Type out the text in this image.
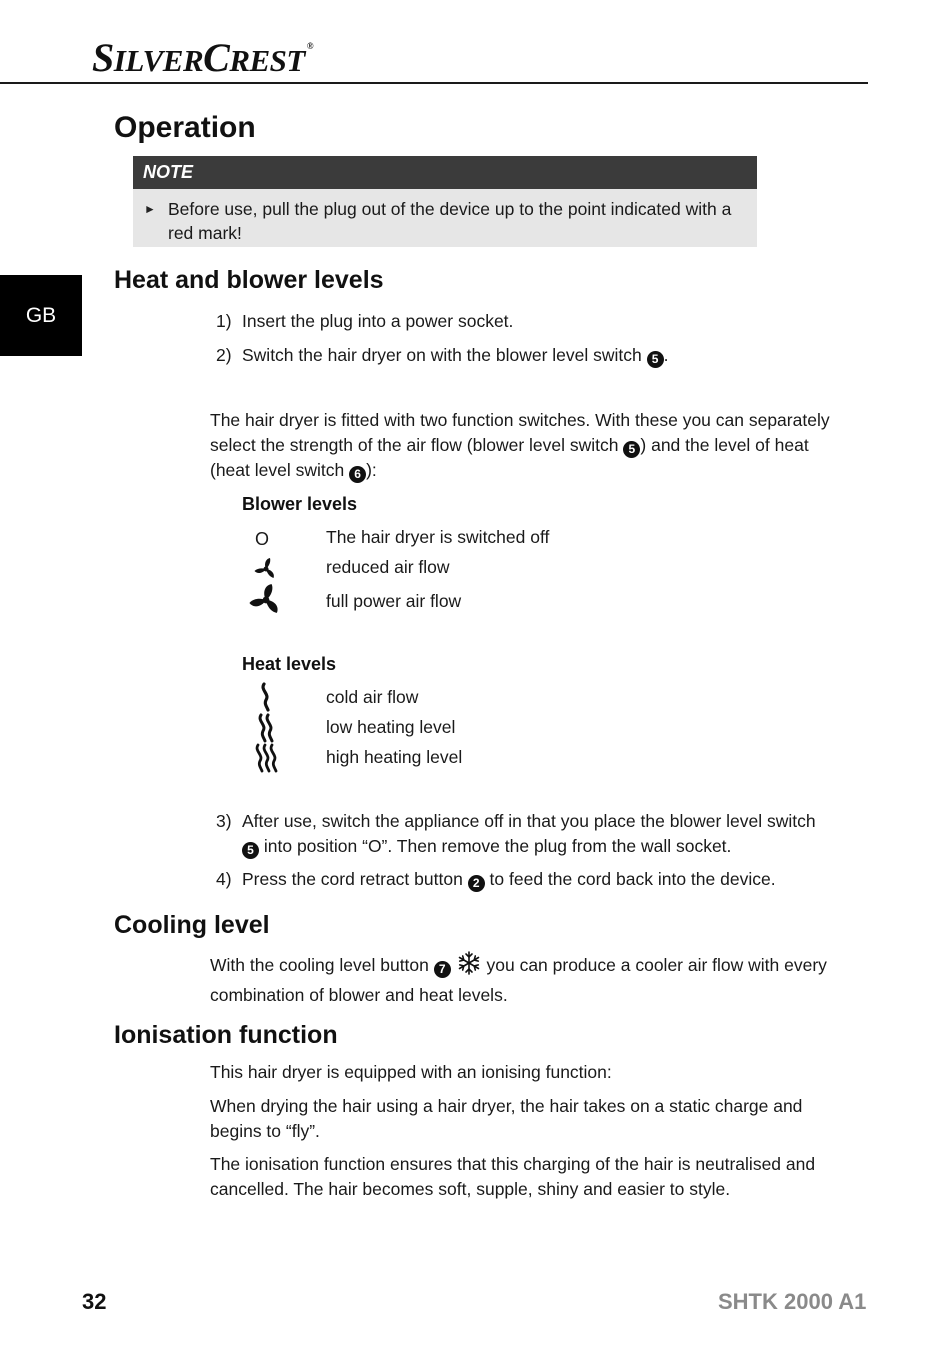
SILVERCREST ®
GB
Operation
NOTE
► Before use, pull the plug out of the device up to the point indicated with a red mark!
Heat and blower levels
1) Insert the plug into a power socket.
2) Switch the hair dryer on with the blower level switch 5 .
The hair dryer is fitted with two function switches. With these you can separately select the strength of the air flow (blower level switch 5 ) and the level of heat (heat level switch 6 ):
Blower levels
O	The hair dryer is switched off
reduced air flow
full power air flow
Heat levels
cold air flow
low heating level
high heating level
3) After use, switch the appliance off in that you place the blower level switch 5 into position “O”. Then remove the plug from the wall socket.
4) Press the cord retract button 2 to feed the cord back into the device.
Cooling level
With the cooling level button 7  you can produce a cooler air flow with every combination of blower and heat levels.
Ionisation function
This hair dryer is equipped with an ionising function:
When drying the hair using a hair dryer, the hair takes on a static charge and begins to “fly”.
The ionisation function ensures that this charging of the hair is neutralised and cancelled. The hair becomes soft, supple, shiny and easier to style.
32	SHTK 2000 A1
